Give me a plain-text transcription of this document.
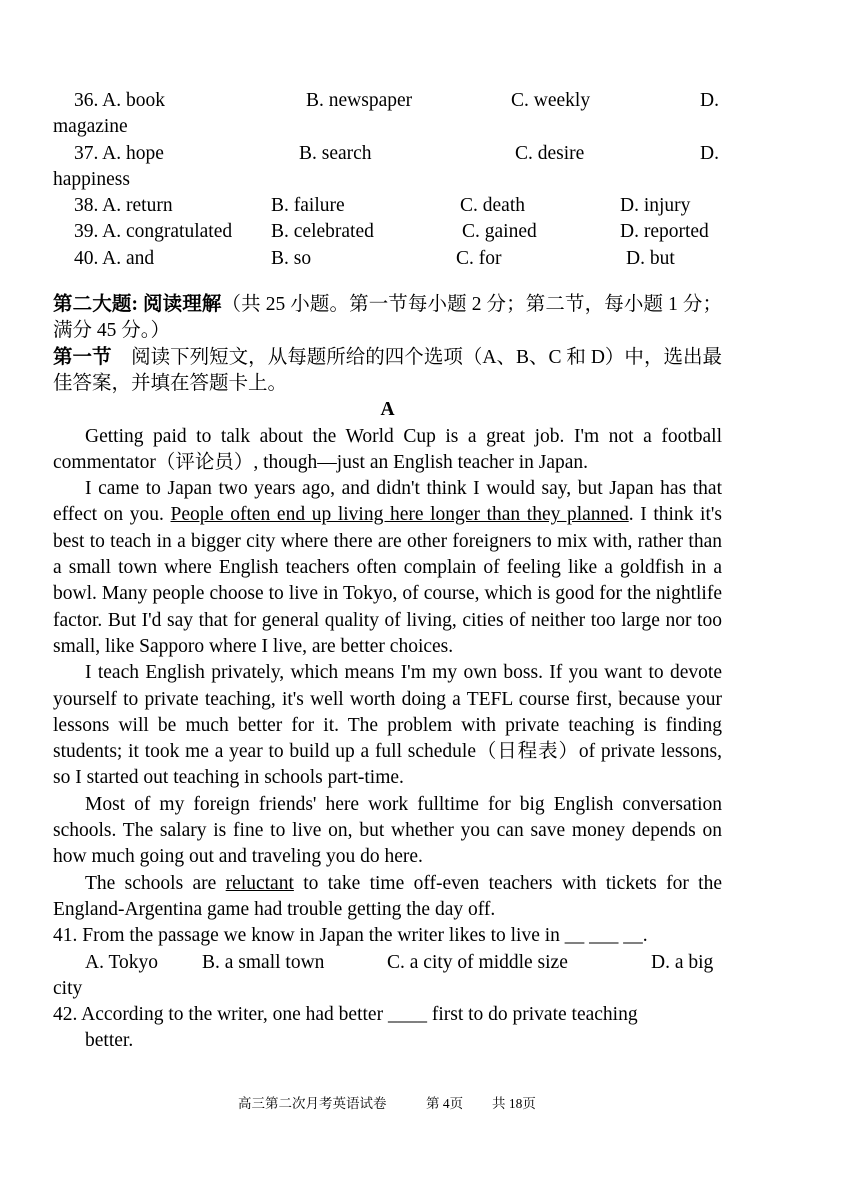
36. A. book	B. newspaper	C. weekly	D.
magazine
37. A. hope	B. search	C. desire	D.
happiness
38. A. return	B. failure	C. death	D. injury
39. A. congratulated B. celebrated	C. gained	D. reported
40. A. and	B. so	C. for	D. but
第二大题: 阅读理解（共 25 小题。第一节每小题 2 分；第二节，每小题 1 分；满分 45 分。）
第一节　阅读下列短文，从每题所给的四个选项（A、B、C 和 D）中，选出最佳答案，并填在答题卡上。
A

Getting paid to talk about the World Cup is a great job. I'm not a football commentator（评论员）, though—just an English teacher in Japan.

I came to Japan two years ago, and didn't think I would say, but Japan has that effect on you. People often end up living here longer than they planned. I think it's best to teach in a bigger city where there are other foreigners to mix with, rather than a small town where English teachers often complain of feeling like a goldfish in a bowl. Many people choose to live in Tokyo, of course, which is good for the nightlife factor. But I'd say that for general quality of living, cities of neither too large nor too small, like Sapporo where I live, are better choices.

I teach English privately, which means I'm my own boss. If you want to devote yourself to private teaching, it's well worth doing a TEFL course first, because your lessons will be much better for it. The problem with private teaching is finding students; it took me a year to build up a full schedule（日程表）of private lessons, so I started out teaching in schools part-time.

Most of my foreign friends' here work fulltime for big English conversation schools. The salary is fine to live on, but whether you can save money depends on how much going out and traveling you do here.

The schools are reluctant to take time off-even teachers with tickets for the England-Argentina game had trouble getting the day off.

41. From the passage we know in Japan the writer likes to live in __ ___ __.
A. Tokyo B. a small town	C. a city of middle size	D. a big
city
42. According to the writer, one had better ____ first to do private teaching
better.
高三第二次月考英语试卷	第 4页 共 18页
